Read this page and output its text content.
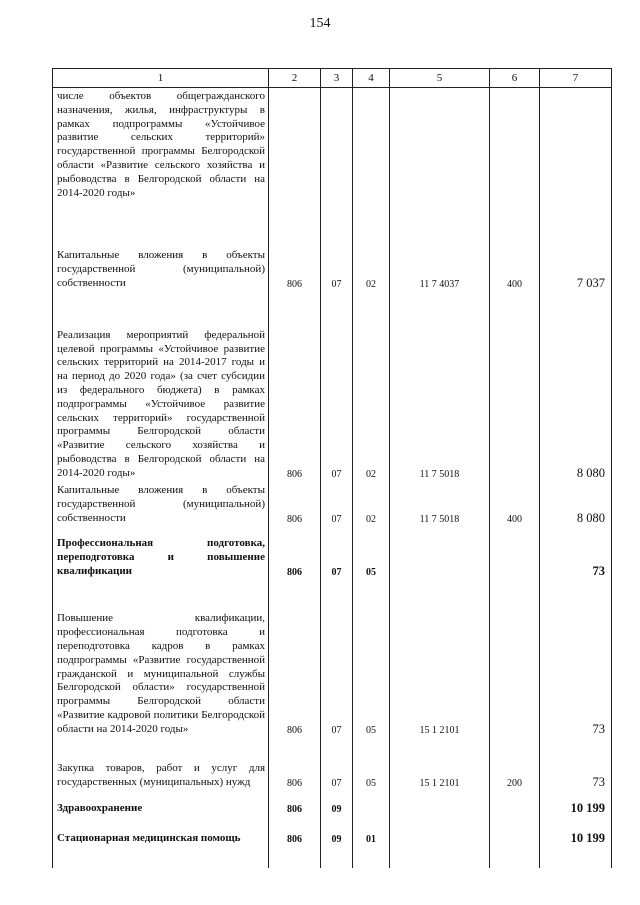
154
1	2	3	4	5	6	7
числе объектов общегражданского назначения, жилья, инфраструктуры в рамках подпрограммы «Устойчивое развитие сельских территорий» государственной программы Белгородской области «Развитие сельского хозяйства и рыбоводства в Белгородской области на 2014-2020 годы»						
Капитальные вложения в объекты государственной (муниципальной) собственности	806	07	02	11 7 4037	400	7 037
Реализация мероприятий федеральной целевой программы «Устойчивое развитие сельских территорий на 2014-2017 годы и на период до 2020 года» (за счет субсидии из федерального бюджета) в рамках подпрограммы «Устойчивое развитие сельских территорий» государственной программы Белгородской области «Развитие сельского хозяйства и рыбоводства в Белгородской области на 2014-2020 годы»	806	07	02	11 7 5018		8 080
Капитальные вложения в объекты государственной (муниципальной) собственности	806	07	02	11 7 5018	400	8 080
Профессиональная подготовка, переподготовка и повышение квалификации	806	07	05			73
Повышение квалификации, профессиональная подготовка и переподготовка кадров в рамках подпрограммы «Развитие государственной гражданской и муниципальной службы Белгородской области» государственной программы Белгородской области «Развитие кадровой политики Белгородской области на 2014-2020 годы»	806	07	05	15 1 2101		73
Закупка товаров, работ и услуг для государственных (муниципальных) нужд	806	07	05	15 1 2101	200	73
Здравоохранение	806	09				10 199
Стационарная медицинская помощь	806	09	01			10 199
